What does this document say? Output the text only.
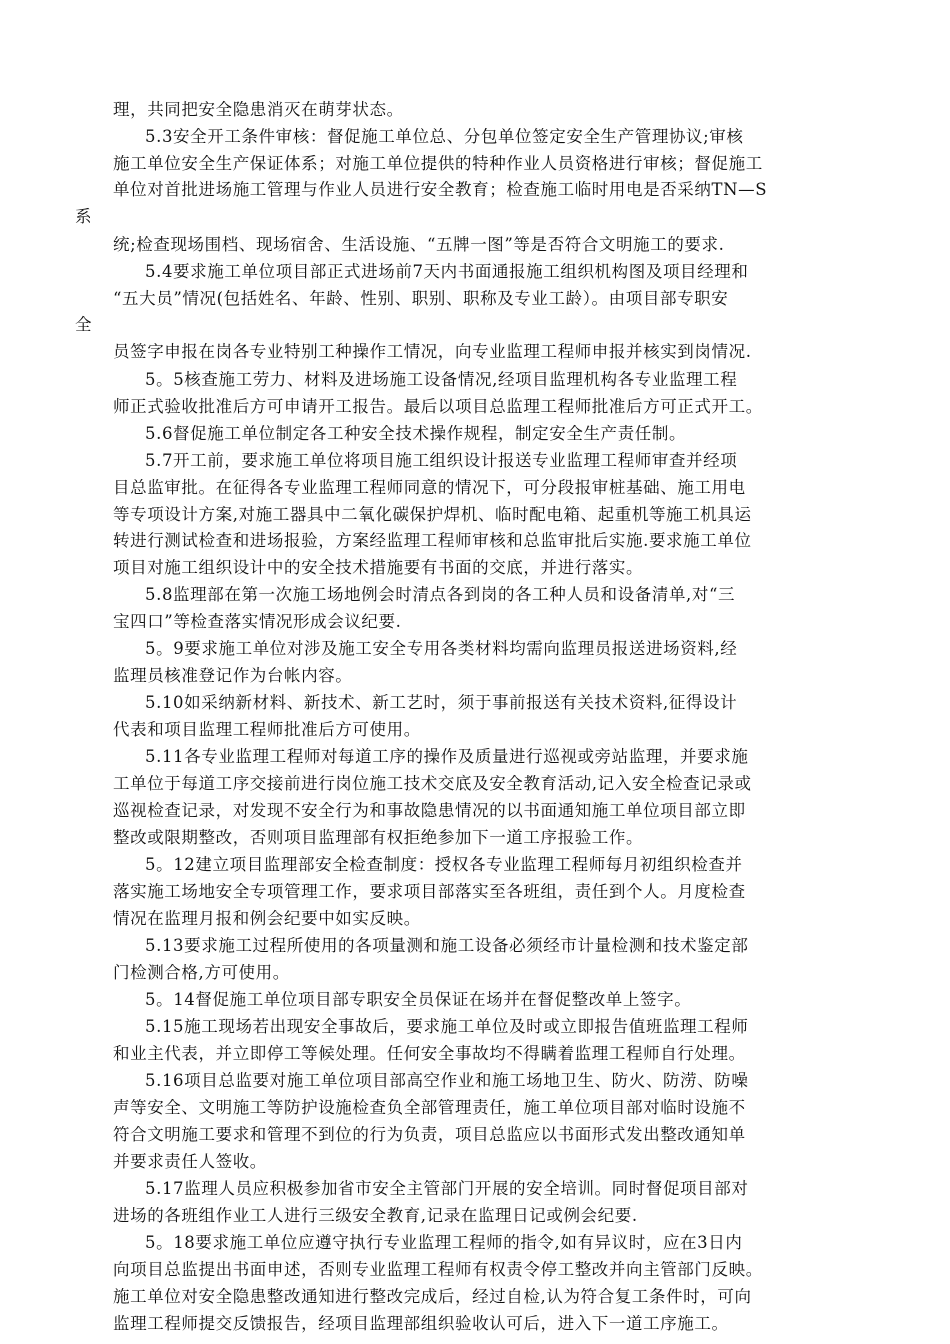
理，共同把安全隐患消灭在萌芽状态。
5.3安全开工条件审核：督促施工单位总、分包单位签定安全生产管理协议;审核
施工单位安全生产保证体系；对施工单位提供的特种作业人员资格进行审核；督促施工
单位对首批进场施工管理与作业人员进行安全教育；检查施工临时用电是否采纳TN—S
系
统;检查现场围档、现场宿舍、生活设施、“五牌一图”等是否符合文明施工的要求.
5.4要求施工单位项目部正式进场前7天内书面通报施工组织机构图及项目经理和
“五大员”情况(包括姓名、年龄、性别、职别、职称及专业工龄）。由项目部专职安
全
员签字申报在岗各专业特别工种操作工情况，向专业监理工程师申报并核实到岗情况.
5。5核查施工劳力、材料及进场施工设备情况,经项目监理机构各专业监理工程
师正式验收批准后方可申请开工报告。最后以项目总监理工程师批准后方可正式开工。
5.6督促施工单位制定各工种安全技术操作规程，制定安全生产责任制。
5.7开工前，要求施工单位将项目施工组织设计报送专业监理工程师审查并经项
目总监审批。在征得各专业监理工程师同意的情况下，可分段报审桩基础、施工用电
等专项设计方案,对施工器具中二氧化碳保护焊机、临时配电箱、起重机等施工机具运
转进行测试检查和进场报验，方案经监理工程师审核和总监审批后实施.要求施工单位
项目对施工组织设计中的安全技术措施要有书面的交底，并进行落实。
5.8监理部在第一次施工场地例会时清点各到岗的各工种人员和设备清单,对“三
宝四口”等检查落实情况形成会议纪要.
5。9要求施工单位对涉及施工安全专用各类材料均需向监理员报送进场资料,经
监理员核准登记作为台帐内容。
5.10如采纳新材料、新技术、新工艺时，须于事前报送有关技术资料,征得设计
代表和项目监理工程师批准后方可使用。
5.11各专业监理工程师对每道工序的操作及质量进行巡视或旁站监理，并要求施
工单位于每道工序交接前进行岗位施工技术交底及安全教育活动,记入安全检查记录或
巡视检查记录，对发现不安全行为和事故隐患情况的以书面通知施工单位项目部立即
整改或限期整改，否则项目监理部有权拒绝参加下一道工序报验工作。
5。12建立项目监理部安全检查制度：授权各专业监理工程师每月初组织检查并
落实施工场地安全专项管理工作，要求项目部落实至各班组，责任到个人。月度检查
情况在监理月报和例会纪要中如实反映。
5.13要求施工过程所使用的各项量测和施工设备必须经市计量检测和技术鉴定部
门检测合格,方可使用。
5。14督促施工单位项目部专职安全员保证在场并在督促整改单上签字。
5.15施工现场若出现安全事故后，要求施工单位及时或立即报告值班监理工程师
和业主代表，并立即停工等候处理。任何安全事故均不得瞒着监理工程师自行处理。
5.16项目总监要对施工单位项目部高空作业和施工场地卫生、防火、防涝、防噪
声等安全、文明施工等防护设施检查负全部管理责任，施工单位项目部对临时设施不
符合文明施工要求和管理不到位的行为负责，项目总监应以书面形式发出整改通知单
并要求责任人签收。
5.17监理人员应积极参加省市安全主管部门开展的安全培训。同时督促项目部对
进场的各班组作业工人进行三级安全教育,记录在监理日记或例会纪要.
5。18要求施工单位应遵守执行专业监理工程师的指令,如有异议时，应在3日内
向项目总监提出书面申述，否则专业监理工程师有权责令停工整改并向主管部门反映。
施工单位对安全隐患整改通知进行整改完成后，经过自检,认为符合复工条件时，可向
监理工程师提交反馈报告，经项目监理部组织验收认可后，进入下一道工序施工。
